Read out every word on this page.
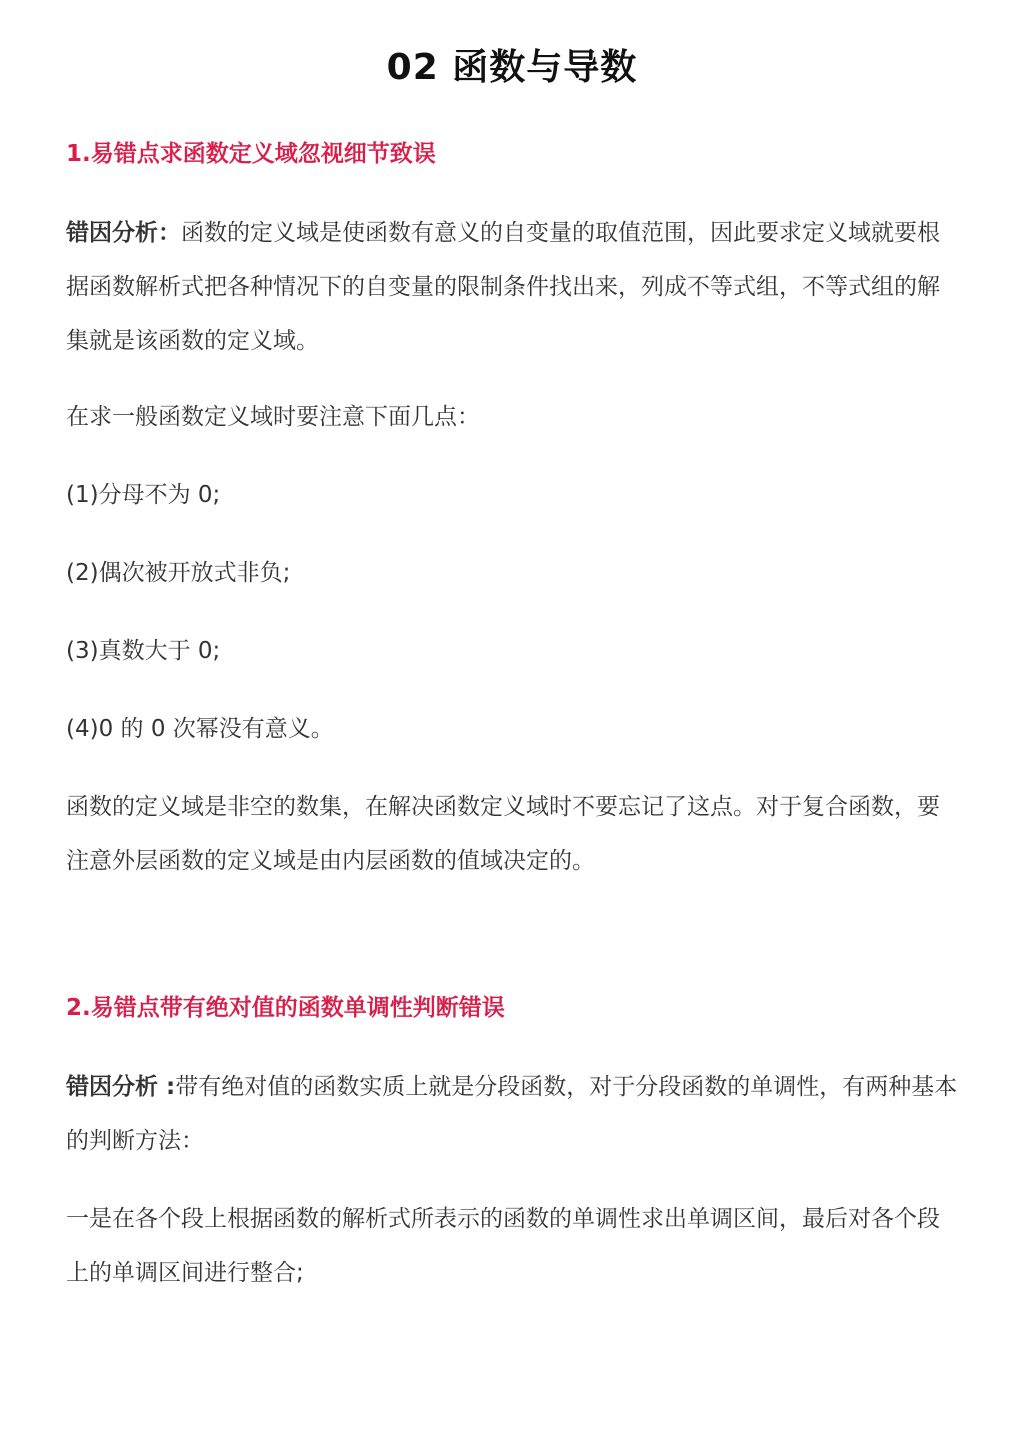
02 函数与导数
1.易错点求函数定义域忽视细节致误

错因分析：函数的定义域是使函数有意义的自变量的取值范围，因此要求定义域就要根据函数解析式把各种情况下的自变量的限制条件找出来，列成不等式组，不等式组的解集就是该函数的定义域。

在求一般函数定义域时要注意下面几点：

(1)分母不为 0;

(2)偶次被开放式非负;

(3)真数大于 0;

(4)0 的 0 次幂没有意义。

函数的定义域是非空的数集，在解决函数定义域时不要忘记了这点。对于复合函数，要注意外层函数的定义域是由内层函数的值域决定的。

2.易错点带有绝对值的函数单调性判断错误

错因分析 :带有绝对值的函数实质上就是分段函数，对于分段函数的单调性，有两种基本的判断方法：

一是在各个段上根据函数的解析式所表示的函数的单调性求出单调区间，最后对各个段上的单调区间进行整合;
